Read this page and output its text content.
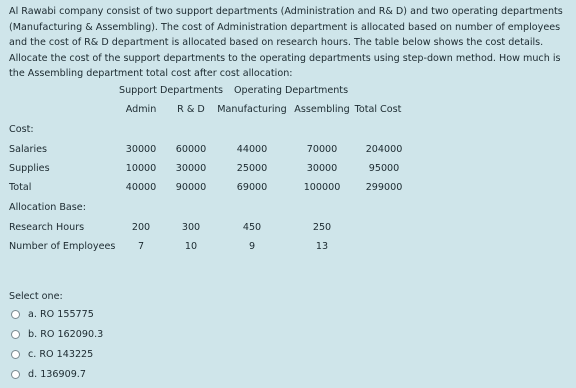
Al Rawabi company consist of two support departments (Administration and R& D) and two operating departments (Manufacturing & Assembling). The cost of Administration department is allocated based on number of employees and the cost of R& D department is allocated based on research hours. The table below shows the cost details. Allocate the cost of the support departments to the operating departments using step-down method. How much is the Assembling department total cost after cost allocation:

Support Departments Operating Departments
Admin R & D Manufacturing Assembling Total Cost
Cost:
Salaries	30000 60000	44000	70000	204000
Supplies	10000 30000	25000	30000	95000
Total	40000 90000	69000	100000	299000
Allocation Base:
Research Hours	200	300	450	250
Number of Employees 7	10	9	13
Select one:
a. RO 155775
b. RO 162090.3
c. RO 143225
d. 136909.7
